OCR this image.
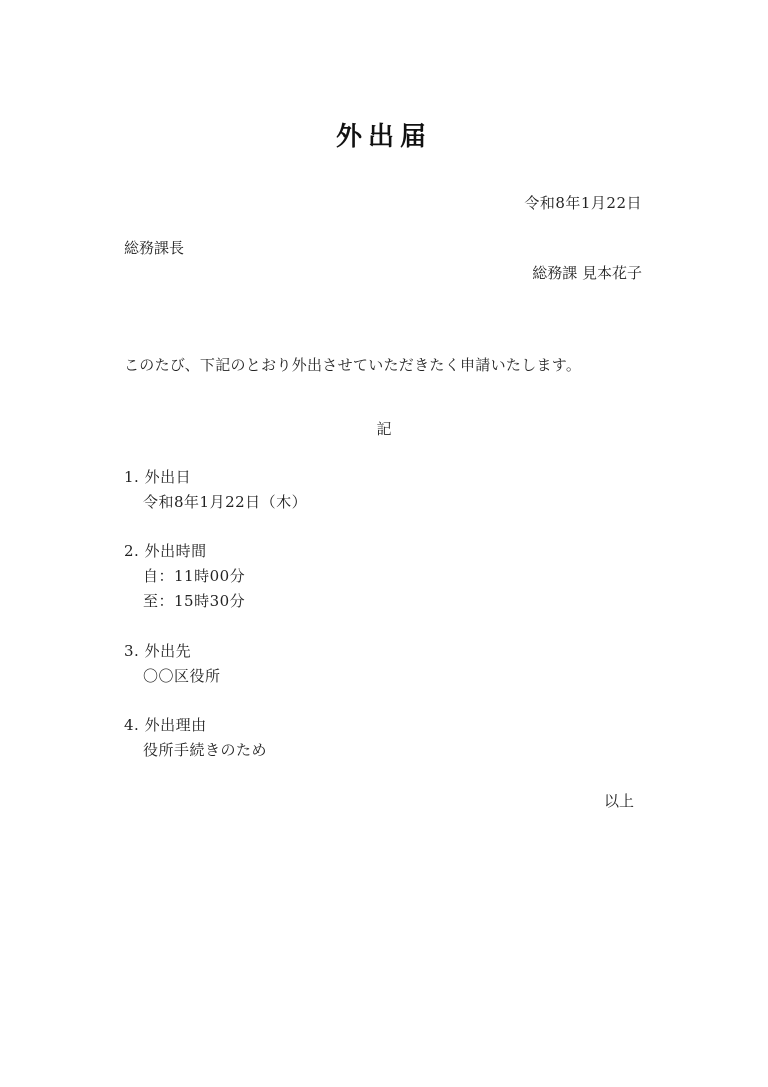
外出届
令和8年1月22日
総務課長
総務課 見本花子
このたび、下記のとおり外出させていただきたく申請いたします。
記
1. 外出日
令和8年1月22日（木）
2. 外出時間
自：11時00分
至：15時30分
3. 外出先
〇〇区役所
4. 外出理由
役所手続きのため
以上
